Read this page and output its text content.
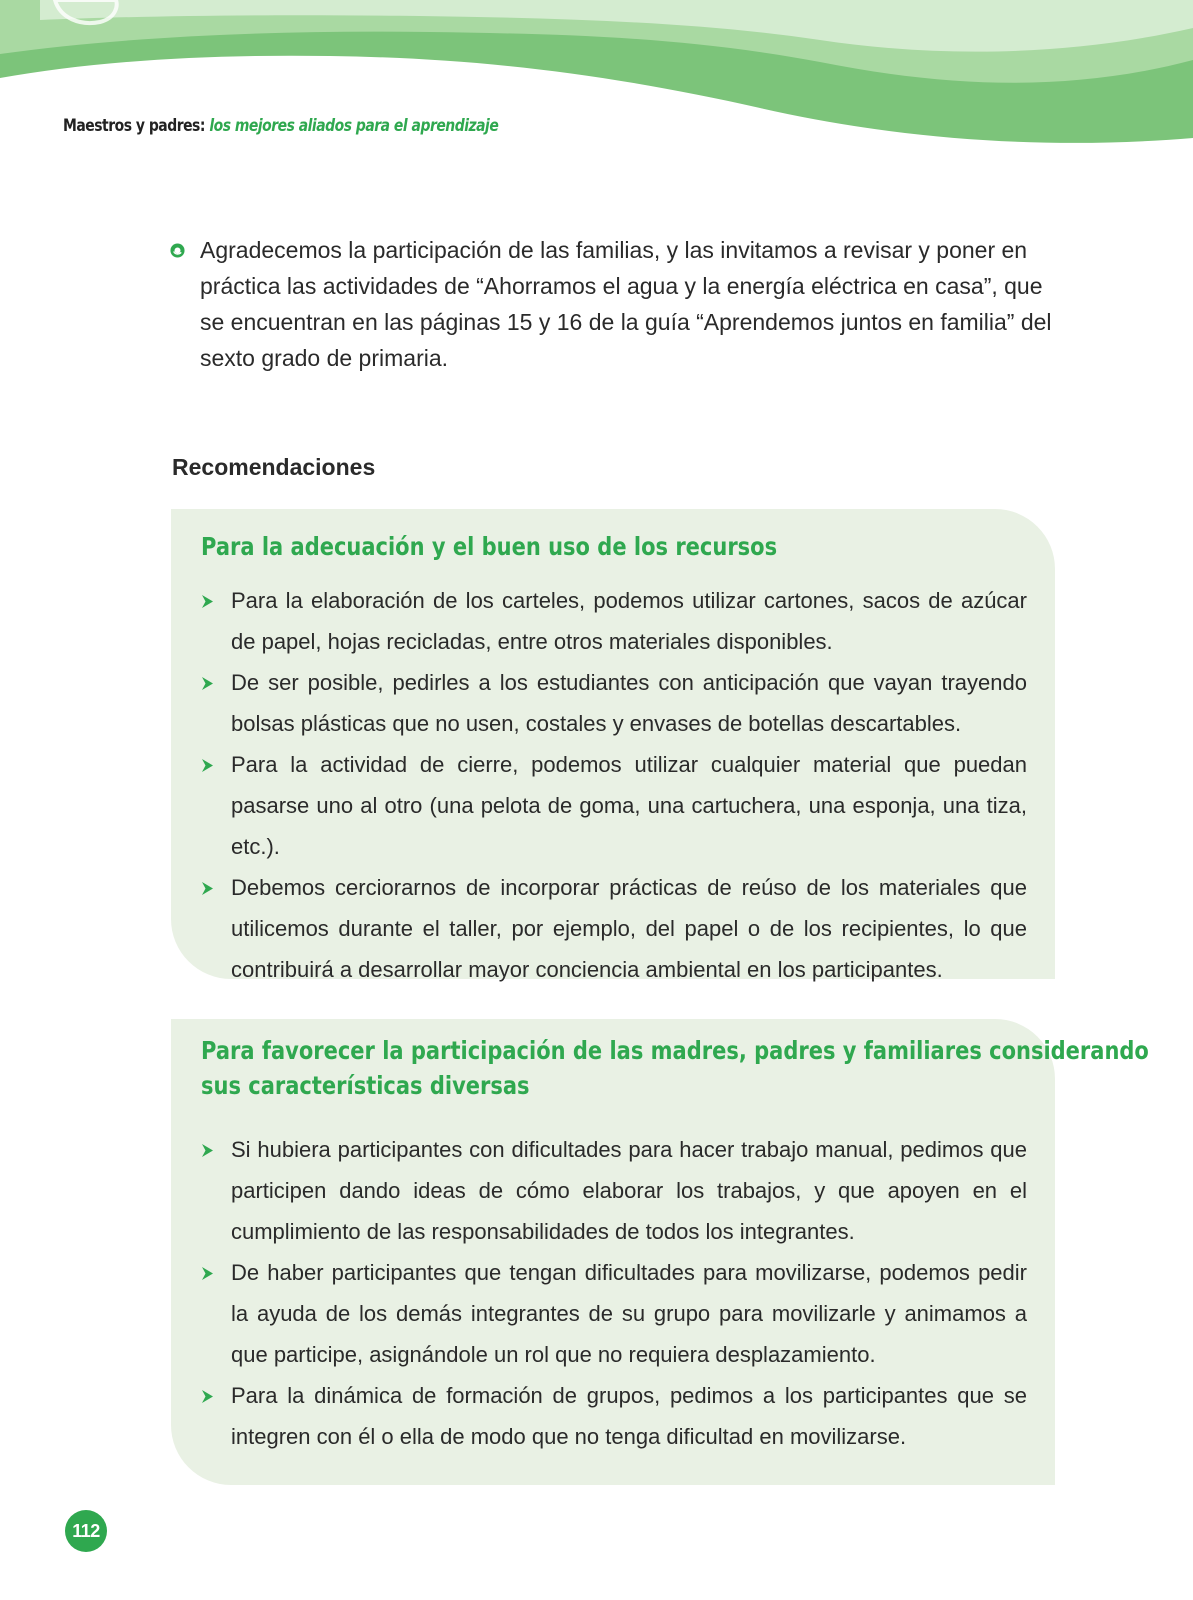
Maestros y padres: los mejores aliados para el aprendizaje
Agradecemos la participación de las familias, y las invitamos a revisar y poner en práctica las actividades de “Ahorramos el agua y la energía eléctrica en casa”, que se encuentran en las páginas 15 y 16 de la guía “Aprendemos juntos en familia” del sexto grado de primaria.
Recomendaciones
Para la adecuación y el buen uso de los recursos
Para la elaboración de los carteles, podemos utilizar cartones, sacos de azúcar de papel, hojas recicladas, entre otros materiales disponibles.
De ser posible, pedirles a los estudiantes con anticipación que vayan trayendo bolsas plásticas que no usen, costales y envases de botellas descartables.
Para la actividad de cierre, podemos utilizar cualquier material que puedan pasarse uno al otro (una pelota de goma, una cartuchera, una esponja, una tiza, etc.).
Debemos cerciorarnos de incorporar prácticas de reúso de los materiales que utilicemos durante el taller, por ejemplo, del papel o de los recipientes, lo que contribuirá a desarrollar mayor conciencia ambiental en los participantes.
Para favorecer la participación de las madres, padres y familiares considerando
sus características diversas
Si hubiera participantes con dificultades para hacer trabajo manual, pedimos que participen dando ideas de cómo elaborar los trabajos, y que apoyen en el cumplimiento de las responsabilidades de todos los integrantes.
De haber participantes que tengan dificultades para movilizarse, podemos pedir la ayuda de los demás integrantes de su grupo para movilizarle y animamos a que participe, asignándole un rol que no requiera desplazamiento.
Para la dinámica de formación de grupos, pedimos a los participantes que se integren con él o ella de modo que no tenga dificultad en movilizarse.
112
